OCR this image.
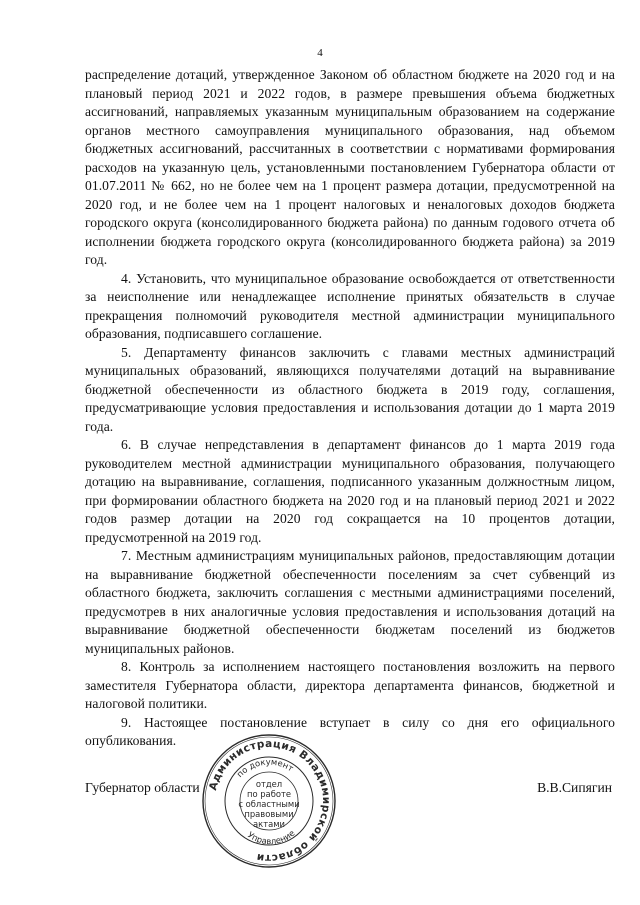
4

распределение дотаций, утвержденное Законом об областном бюджете на 2020 год и на плановый период 2021 и 2022 годов, в размере превышения объема бюджетных ассигнований, направляемых указанным муниципальным образованием на содержание органов местного самоуправления муниципального образования, над объемом бюджетных ассигнований, рассчитанных в соответствии с нормативами формирования расходов на указанную цель, установленными постановлением Губернатора области от 01.07.2011 № 662, но не более чем на 1 процент размера дотации, предусмотренной на 2020 год, и не более чем на 1 процент налоговых и неналоговых доходов бюджета городского округа (консолидированного бюджета района) по данным годового отчета об исполнении бюджета городского округа (консолидированного бюджета района) за 2019 год.

4. Установить, что муниципальное образование освобождается от ответственности за неисполнение или ненадлежащее исполнение принятых обязательств в случае прекращения полномочий руководителя местной администрации муниципального образования, подписавшего соглашение.

5. Департаменту финансов заключить с главами местных администраций муниципальных образований, являющихся получателями дотаций на выравнивание бюджетной обеспеченности из областного бюджета в 2019 году, соглашения, предусматривающие условия предоставления и использования дотации до 1 марта 2019 года.

6. В случае непредставления в департамент финансов до 1 марта 2019 года руководителем местной администрации муниципального образования, получающего дотацию на выравнивание, соглашения, подписанного указанным должностным лицом, при формировании областного бюджета на 2020 год и на плановый период 2021 и 2022 годов размер дотации на 2020 год сокращается на 10 процентов дотации, предусмотренной на 2019 год.

7. Местным администрациям муниципальных районов, предоставляющим дотации на выравнивание бюджетной обеспеченности поселениям за счет субвенций из областного бюджета, заключить соглашения с местными администрациями поселений, предусмотрев в них аналогичные условия предоставления и использования дотаций на выравнивание бюджетной обеспеченности бюджетам поселений из бюджетов муниципальных районов.

8. Контроль за исполнением настоящего постановления возложить на первого заместителя Губернатора области, директора департамента финансов, бюджетной и налоговой политики.

9. Настоящее постановление вступает в силу со дня его официального опубликования.

Администрация Владимирской области
по документ
Управление
отдел
по работе
с областными
правовыми
актами
Губернатор области	В.В.Сипягин
